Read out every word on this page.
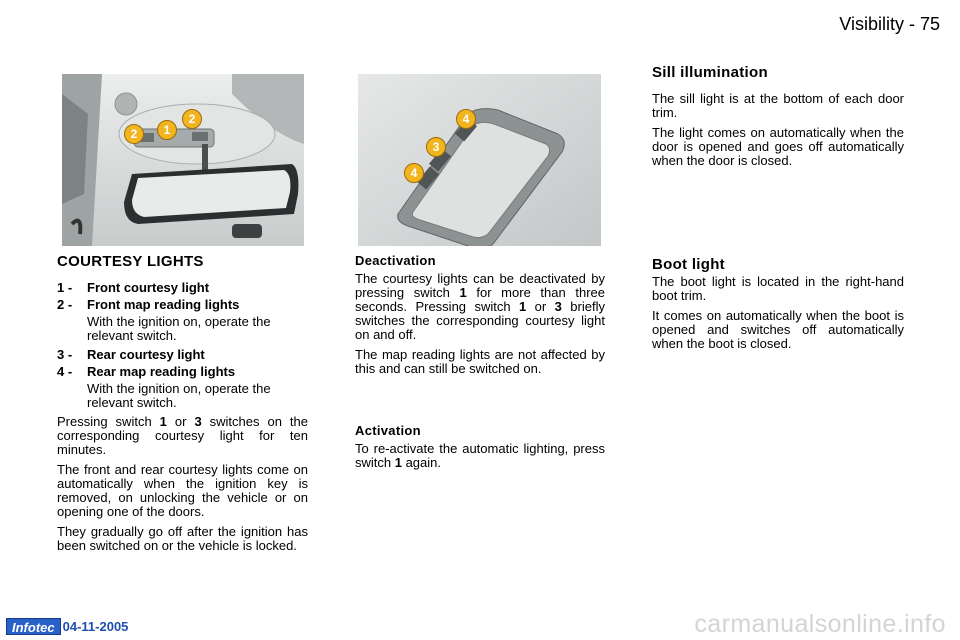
Visibility - 75
2	1
2	4
3
4
COURTESY LIGHTS
1 -	Front courtesy light
2 -	Front map reading lights
With the ignition on, operate the relevant switch.
3 -	Rear courtesy light
4 -	Rear map reading lights
With the ignition on, operate the relevant switch.

Pressing switch 1 or 3 switches on the corresponding courtesy light for ten minutes.

The front and rear courtesy lights come on automatically when the ignition key is removed, on unlocking the vehicle or on opening one of the doors.

They gradually go off after the ignition has been switched on or the vehicle is locked.

Deactivation

The courtesy lights can be deactivated by pressing switch 1 for more than three seconds. Pressing switch 1 or 3 briefly switches the corresponding courtesy light on and off.

The map reading lights are not affected by this and can still be switched on.

Activation

To re-activate the automatic lighting, press switch 1 again.

Sill illumination

The sill light is at the bottom of each door trim.

The light comes on automatically when the door is opened and goes off automatically when the door is closed.

Boot light

The boot light is located in the right-hand boot trim.

It comes on automatically when the boot is opened and switches off automatically when the boot is closed.

Infotec 04-11-2005	carmanualsonline.info
